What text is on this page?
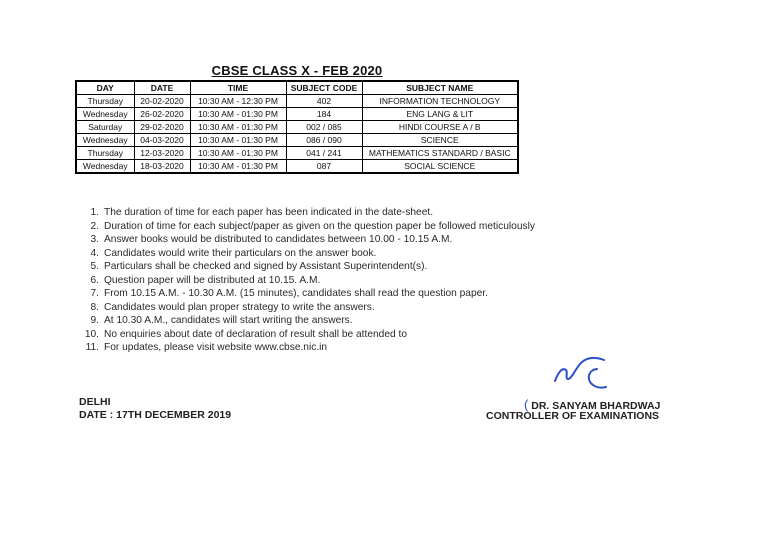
CBSE CLASS X - FEB 2020
DAY	DATE	TIME	SUBJECT CODE	SUBJECT NAME
Thursday	20-02-2020	10:30 AM - 12:30 PM	402	INFORMATION TECHNOLOGY
Wednesday	26-02-2020	10:30 AM - 01:30 PM	184	ENG LANG & LIT
Saturday	29-02-2020	10:30 AM - 01:30 PM	002 / 085	HINDI COURSE A / B
Wednesday	04-03-2020	10:30 AM - 01:30 PM	086 / 090	SCIENCE
Thursday	12-03-2020	10:30 AM - 01:30 PM	041 / 241	MATHEMATICS STANDARD / BASIC
Wednesday	18-03-2020	10:30 AM - 01:30 PM	087	SOCIAL SCIENCE
1. The duration of time for each paper has been indicated in the date-sheet.
2. Duration of time for each subject/paper as given on the question paper be followed meticulously
3. Answer books would be distributed to candidates between 10.00 - 10.15 A.M.
4. Candidates would write their particulars on the answer book.
5. Particulars shall be checked and signed by Assistant Superintendent(s).
6. Question paper will be distributed at 10.15. A.M.
7. From 10.15 A.M. - 10.30 A.M. (15 minutes), candidates shall read the question paper.
8. Candidates would plan proper strategy to write the answers.
9. At 10.30 A.M., candidates will start writing the answers.
10. No enquiries about date of declaration of result shall be attended to
11. For updates, please visit website www.cbse.nic.in
DELHI
DATE : 17TH DECEMBER 2019
( DR. SANYAM BHARDWAJ
CONTROLLER OF EXAMINATIONS
